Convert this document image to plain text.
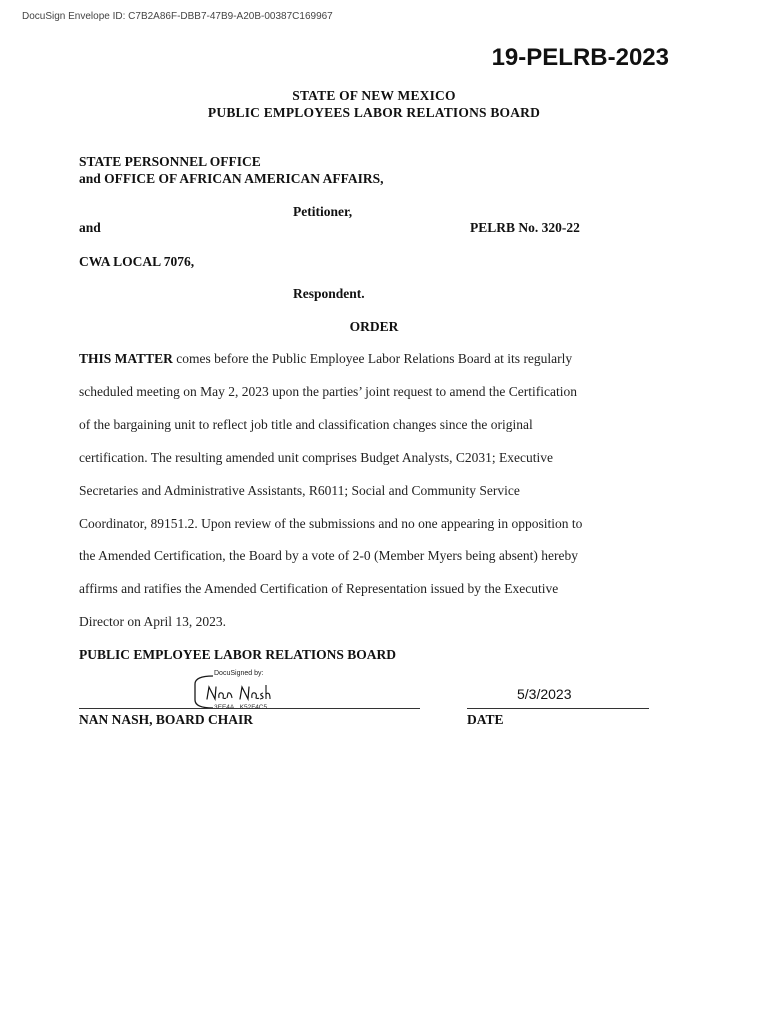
DocuSign Envelope ID: C7B2A86F-DBB7-47B9-A20B-00387C169967
19-PELRB-2023
STATE OF NEW MEXICO
PUBLIC EMPLOYEES LABOR RELATIONS BOARD
STATE PERSONNEL OFFICE
and OFFICE OF AFRICAN AMERICAN AFFAIRS,
Petitioner,
and	PELRB No. 320-22
CWA LOCAL 7076,
Respondent.
ORDER
THIS MATTER comes before the Public Employee Labor Relations Board at its regularly
scheduled meeting on May 2, 2023 upon the parties’ joint request to amend the Certification
of the bargaining unit to reflect job title and classification changes since the original
certification. The resulting amended unit comprises Budget Analysts, C2031; Executive
Secretaries and Administrative Assistants, R6011; Social and Community Service
Coordinator, 89151.2. Upon review of the submissions and no one appearing in opposition to
the Amended Certification, the Board by a vote of 2-0 (Member Myers being absent) hereby
affirms and ratifies the Amended Certification of Representation issued by the Executive
Director on April 13, 2023.
PUBLIC EMPLOYEE LABOR RELATIONS BOARD
DocuSigned by:
3EE4A...K52F4C5...
5/3/2023
NAN NASH, BOARD CHAIR	DATE
